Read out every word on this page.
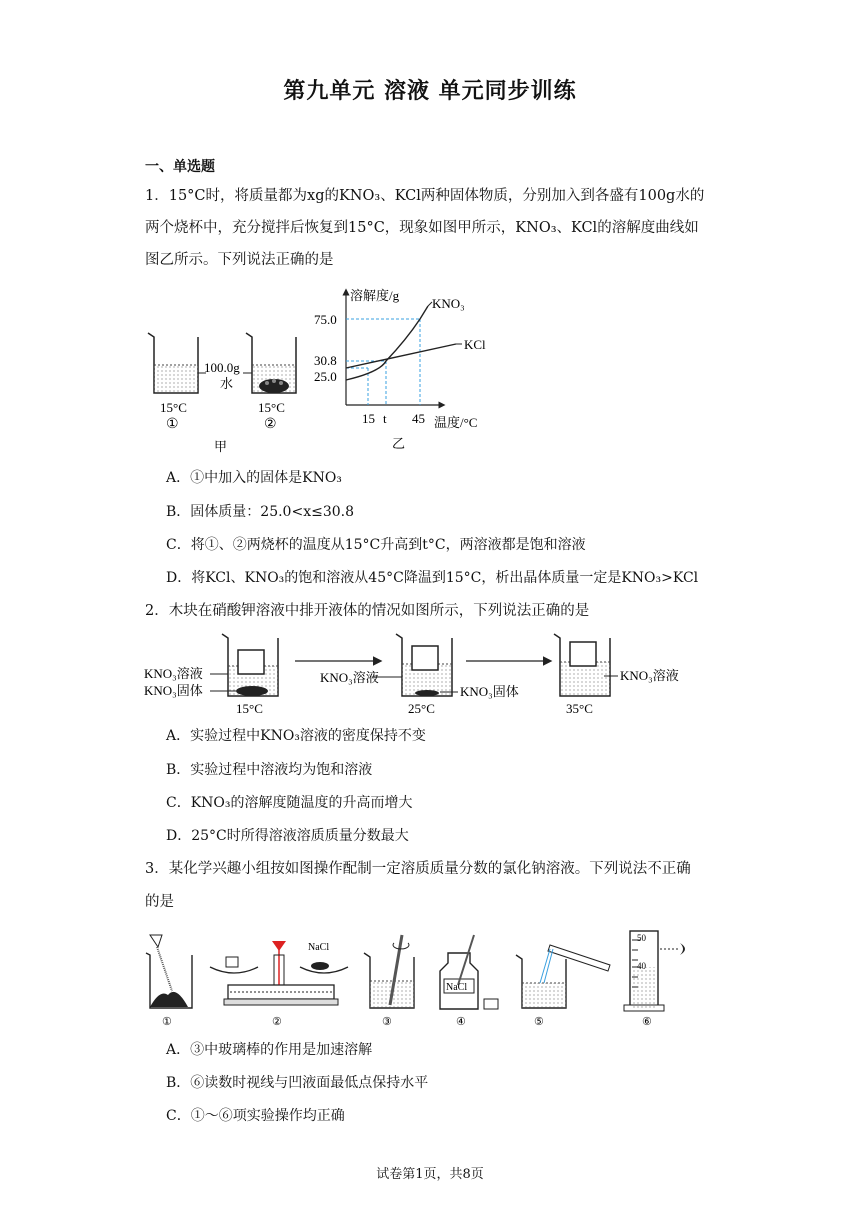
第九单元 溶液 单元同步训练
一、单选题
1．15°C时，将质量都为xg的KNO₃、KCl两种固体物质，分别加入到各盛有100g水的
两个烧杯中，充分搅拌后恢复到15°C，现象如图甲所示，KNO₃、KCl的溶解度曲线如
图乙所示。下列说法正确的是
100.0g
水
15°C	15°C
①	②
甲
溶解度/g
温度/°C
KNO₃
KCl
75.0
30.8
25.0
15 t 45
乙
A．①中加入的固体是KNO₃
B．固体质量：25.0<x≤30.8
C．将①、②两烧杯的温度从15°C升高到t°C，两溶液都是饱和溶液
D．将KCl、KNO₃的饱和溶液从45°C降温到15°C，析出晶体质量一定是KNO₃>KCl
2．木块在硝酸钾溶液中排开液体的情况如图所示，下列说法正确的是
KNO₃溶液
KNO₃固体
15°C
KNO₃溶液
KNO₃固体
25°C
KNO₃溶液
35°C
A．实验过程中KNO₃溶液的密度保持不变
B．实验过程中溶液均为饱和溶液
C．KNO₃的溶解度随温度的升高而增大
D．25°C时所得溶液溶质质量分数最大
3．某化学兴趣小组按如图操作配制一定溶质质量分数的氯化钠溶液。下列说法不正确
的是
NaCl
NaCl
50
40
①	②	③	④	⑤	⑥
A．③中玻璃棒的作用是加速溶解
B．⑥读数时视线与凹液面最低点保持水平
C．①～⑥项实验操作均正确
试卷第1页，共8页
